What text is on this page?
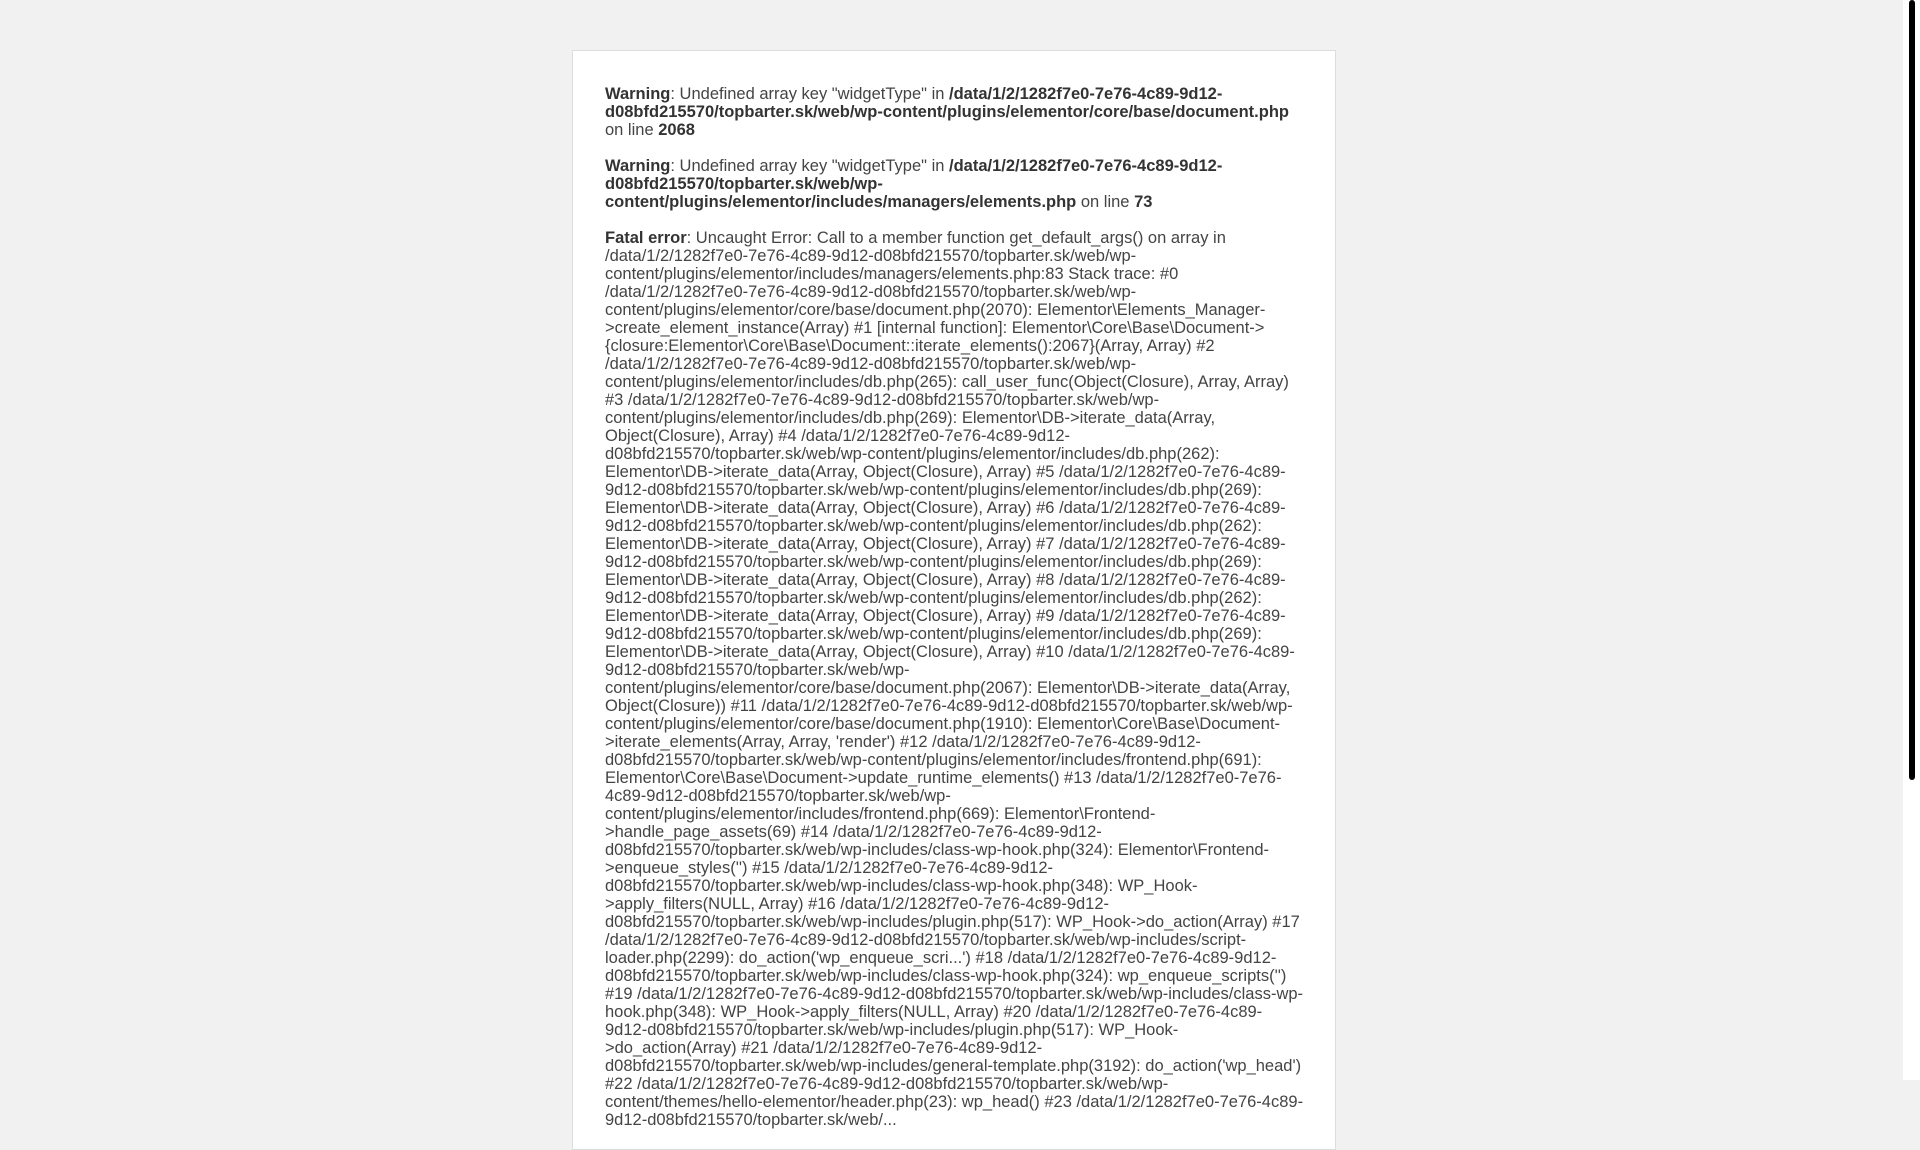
Warning: Undefined array key "widgetType" in /data/1/2/1282f7e0-7e76-4c89-9d12-d08bfd215570/topbarter.sk/web/wp-content/plugins/elementor/core/base/document.php on line 2068

Warning: Undefined array key "widgetType" in /data/1/2/1282f7e0-7e76-4c89-9d12-d08bfd215570/topbarter.sk/web/wp-content/plugins/elementor/includes/managers/elements.php on line 73

Fatal error: Uncaught Error: Call to a member function get_default_args() on array in /data/1/2/1282f7e0-7e76-4c89-9d12-d08bfd215570/topbarter.sk/web/wp-content/plugins/elementor/includes/managers/elements.php:83 Stack trace: #0 /data/1/2/1282f7e0-7e76-4c89-9d12-d08bfd215570/topbarter.sk/web/wp-content/plugins/elementor/core/base/document.php(2070): Elementor\Elements_Manager->create_element_instance(Array) #1 [internal function]: Elementor\Core\Base\Document->{closure:Elementor\Core\Base\Document::iterate_elements():2067}(Array, Array) #2 /data/1/2/1282f7e0-7e76-4c89-9d12-d08bfd215570/topbarter.sk/web/wp-content/plugins/elementor/includes/db.php(265): call_user_func(Object(Closure), Array, Array) #3 /data/1/2/1282f7e0-7e76-4c89-9d12-d08bfd215570/topbarter.sk/web/wp-content/plugins/elementor/includes/db.php(269): Elementor\DB->iterate_data(Array, Object(Closure), Array) #4 /data/1/2/1282f7e0-7e76-4c89-9d12-d08bfd215570/topbarter.sk/web/wp-content/plugins/elementor/includes/db.php(262): Elementor\DB->iterate_data(Array, Object(Closure), Array) #5 /data/1/2/1282f7e0-7e76-4c89-9d12-d08bfd215570/topbarter.sk/web/wp-content/plugins/elementor/includes/db.php(269): Elementor\DB->iterate_data(Array, Object(Closure), Array) #6 /data/1/2/1282f7e0-7e76-4c89-9d12-d08bfd215570/topbarter.sk/web/wp-content/plugins/elementor/includes/db.php(262): Elementor\DB->iterate_data(Array, Object(Closure), Array) #7 /data/1/2/1282f7e0-7e76-4c89-9d12-d08bfd215570/topbarter.sk/web/wp-content/plugins/elementor/includes/db.php(269): Elementor\DB->iterate_data(Array, Object(Closure), Array) #8 /data/1/2/1282f7e0-7e76-4c89-9d12-d08bfd215570/topbarter.sk/web/wp-content/plugins/elementor/includes/db.php(262): Elementor\DB->iterate_data(Array, Object(Closure), Array) #9 /data/1/2/1282f7e0-7e76-4c89-9d12-d08bfd215570/topbarter.sk/web/wp-content/plugins/elementor/includes/db.php(269): Elementor\DB->iterate_data(Array, Object(Closure), Array) #10 /data/1/2/1282f7e0-7e76-4c89-9d12-d08bfd215570/topbarter.sk/web/wp-content/plugins/elementor/core/base/document.php(2067): Elementor\DB->iterate_data(Array, Object(Closure)) #11 /data/1/2/1282f7e0-7e76-4c89-9d12-d08bfd215570/topbarter.sk/web/wp-content/plugins/elementor/core/base/document.php(1910): Elementor\Core\Base\Document->iterate_elements(Array, Array, 'render') #12 /data/1/2/1282f7e0-7e76-4c89-9d12-d08bfd215570/topbarter.sk/web/wp-content/plugins/elementor/includes/frontend.php(691): Elementor\Core\Base\Document->update_runtime_elements() #13 /data/1/2/1282f7e0-7e76-4c89-9d12-d08bfd215570/topbarter.sk/web/wp-content/plugins/elementor/includes/frontend.php(669): Elementor\Frontend->handle_page_assets(69) #14 /data/1/2/1282f7e0-7e76-4c89-9d12-d08bfd215570/topbarter.sk/web/wp-includes/class-wp-hook.php(324): Elementor\Frontend->enqueue_styles('') #15 /data/1/2/1282f7e0-7e76-4c89-9d12-d08bfd215570/topbarter.sk/web/wp-includes/class-wp-hook.php(348): WP_Hook->apply_filters(NULL, Array) #16 /data/1/2/1282f7e0-7e76-4c89-9d12-d08bfd215570/topbarter.sk/web/wp-includes/plugin.php(517): WP_Hook->do_action(Array) #17 /data/1/2/1282f7e0-7e76-4c89-9d12-d08bfd215570/topbarter.sk/web/wp-includes/script-loader.php(2299): do_action('wp_enqueue_scri...') #18 /data/1/2/1282f7e0-7e76-4c89-9d12-d08bfd215570/topbarter.sk/web/wp-includes/class-wp-hook.php(324): wp_enqueue_scripts('') #19 /data/1/2/1282f7e0-7e76-4c89-9d12-d08bfd215570/topbarter.sk/web/wp-includes/class-wp-hook.php(348): WP_Hook->apply_filters(NULL, Array) #20 /data/1/2/1282f7e0-7e76-4c89-9d12-d08bfd215570/topbarter.sk/web/wp-includes/plugin.php(517): WP_Hook->do_action(Array) #21 /data/1/2/1282f7e0-7e76-4c89-9d12-d08bfd215570/topbarter.sk/web/wp-includes/general-template.php(3192): do_action('wp_head') #22 /data/1/2/1282f7e0-7e76-4c89-9d12-d08bfd215570/topbarter.sk/web/wp-content/themes/hello-elementor/header.php(23): wp_head() #23 /data/1/2/1282f7e0-7e76-4c89-9d12-d08bfd215570/topbarter.sk/web/...
